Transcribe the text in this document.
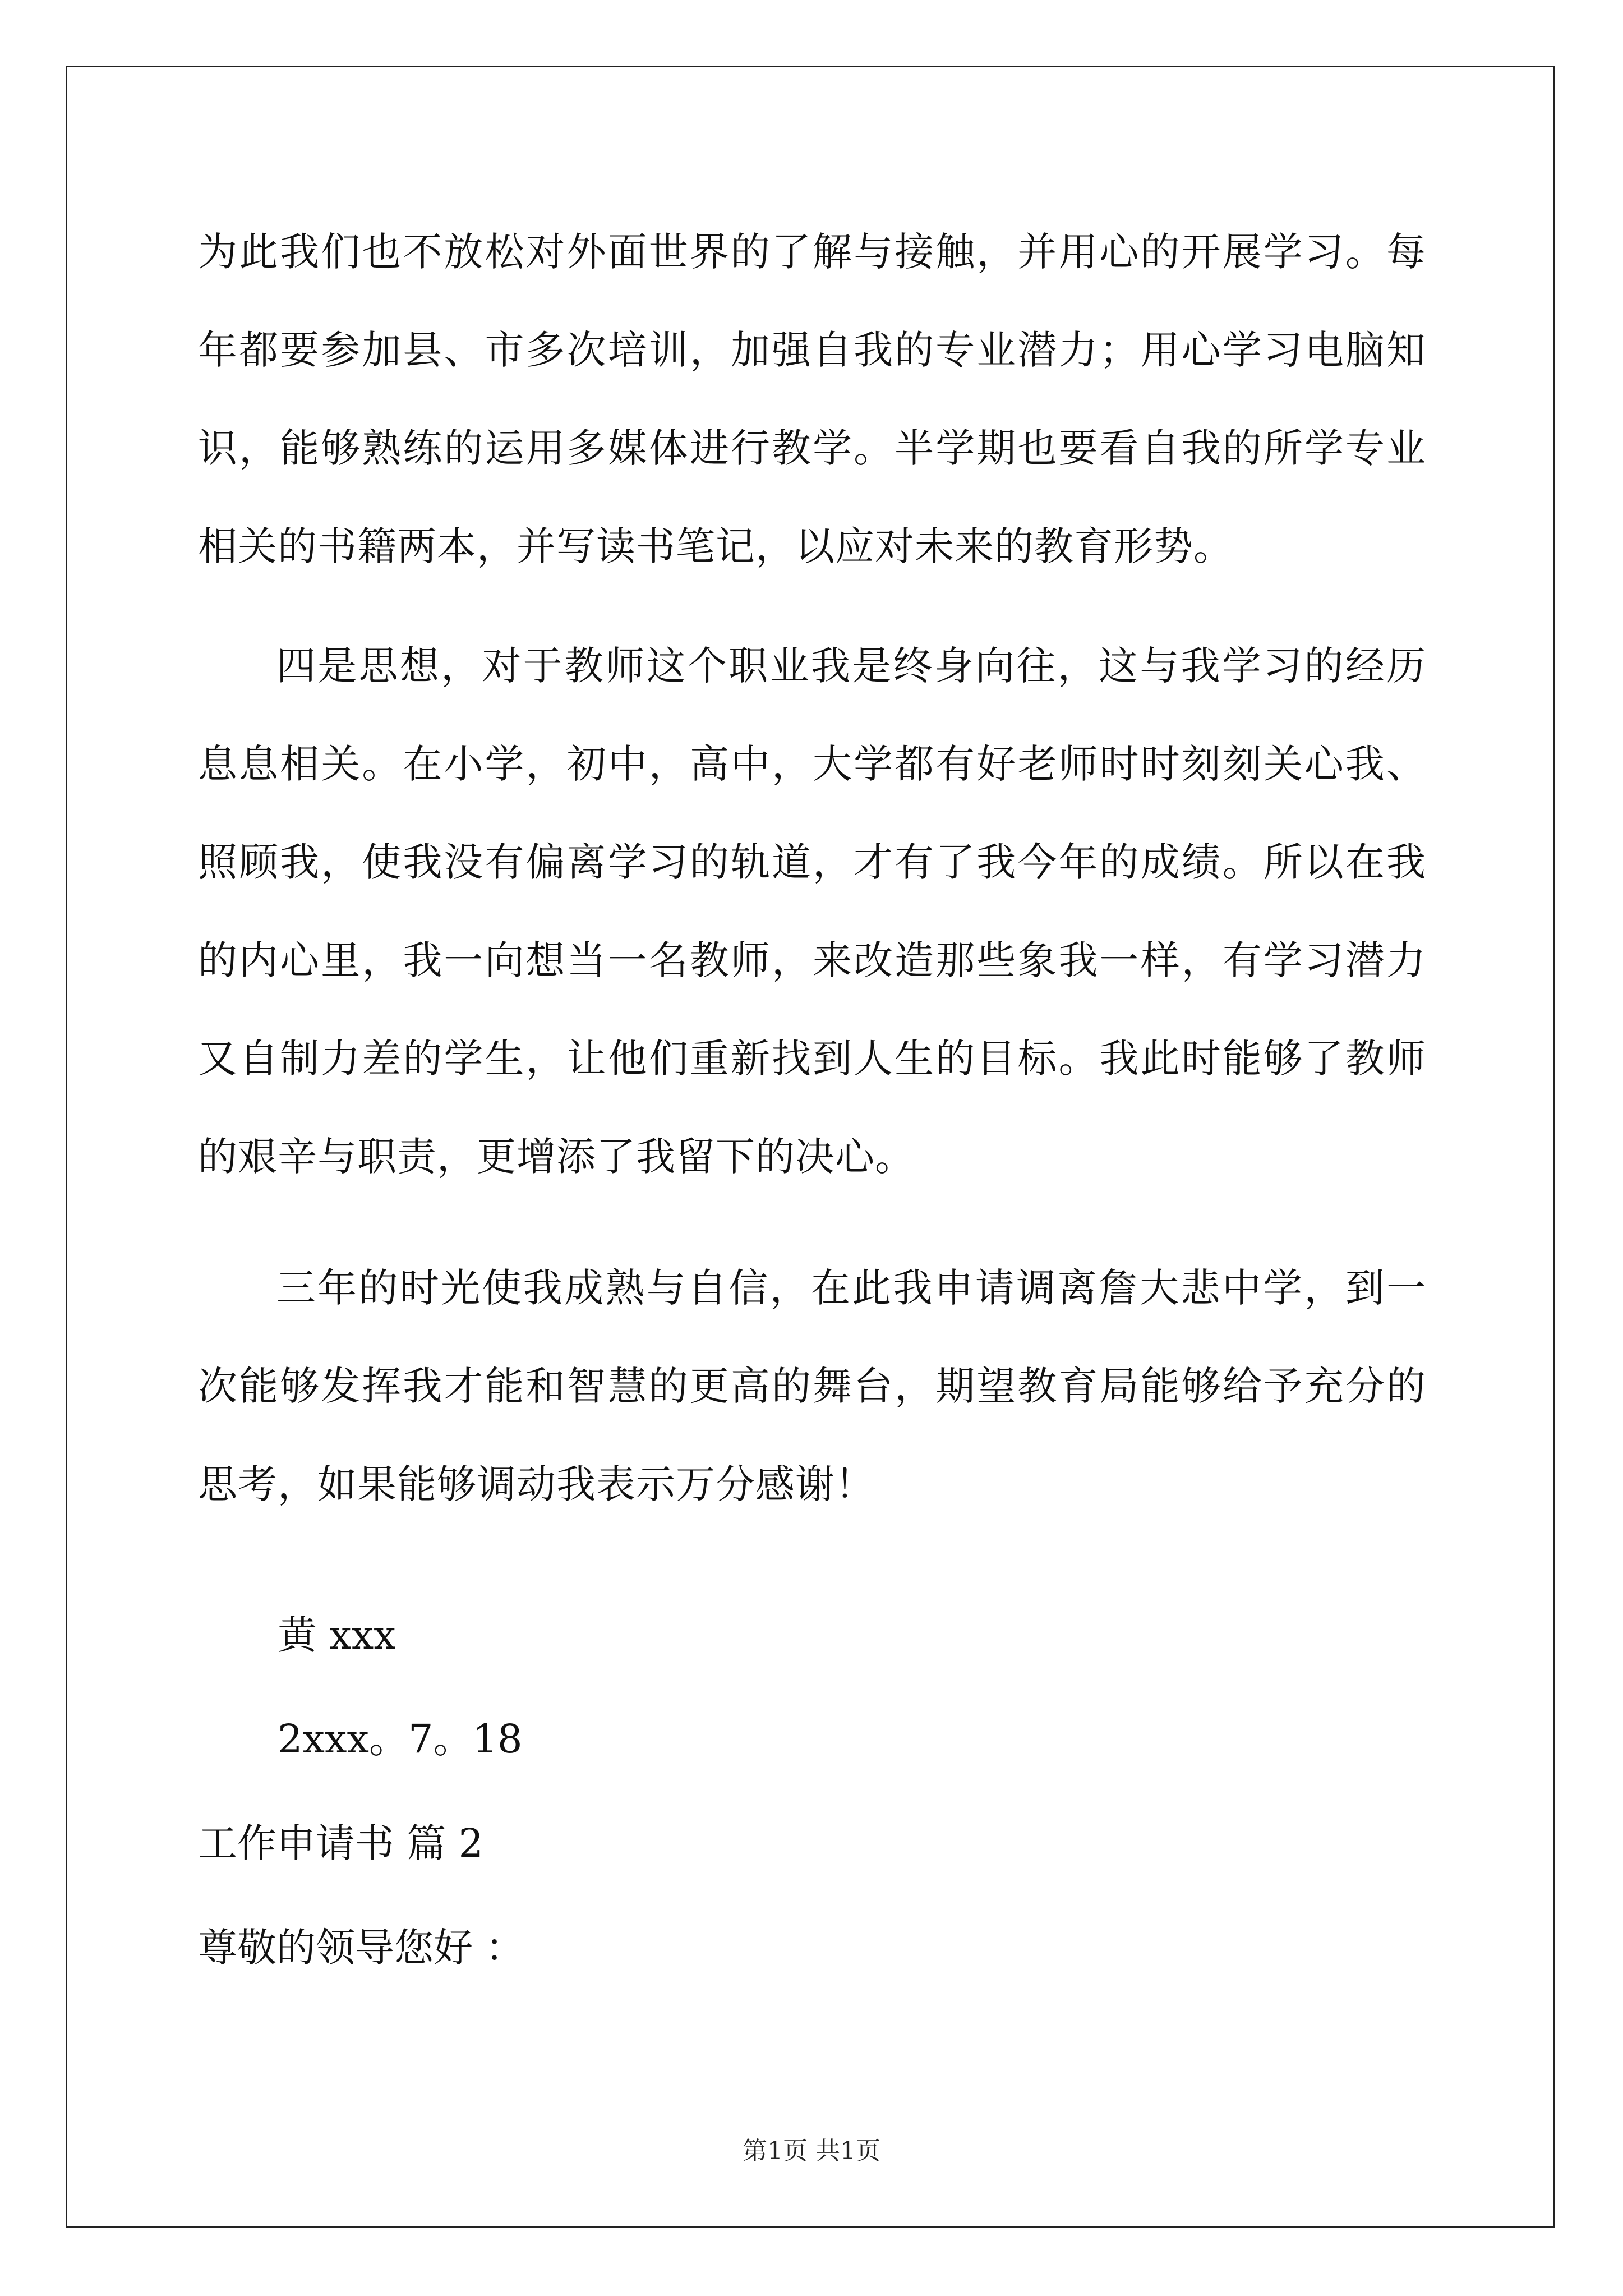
为此我们也不放松对外面世界的了解与接触，并用心的开展学习。每年都要参加县、市多次培训，加强自我的专业潜力；用心学习电脑知识，能够熟练的运用多媒体进行教学。半学期也要看自我的所学专业相关的书籍两本，并写读书笔记，以应对未来的教育形势。

四是思想，对于教师这个职业我是终身向往，这与我学习的经历息息相关。在小学，初中，高中，大学都有好老师时时刻刻关心我、照顾我，使我没有偏离学习的轨道，才有了我今年的成绩。所以在我的内心里，我一向想当一名教师，来改造那些象我一样，有学习潜力又自制力差的学生，让他们重新找到人生的目标。我此时能够了教师的艰辛与职责，更增添了我留下的决心。

三年的时光使我成熟与自信，在此我申请调离詹大悲中学，到一次能够发挥我才能和智慧的更高的舞台，期望教育局能够给予充分的思考，如果能够调动我表示万分感谢！

黄 xxx
2xxx。7。18
工作申请书 篇 2
尊敬的领导您好 ：
第1页 共1页
